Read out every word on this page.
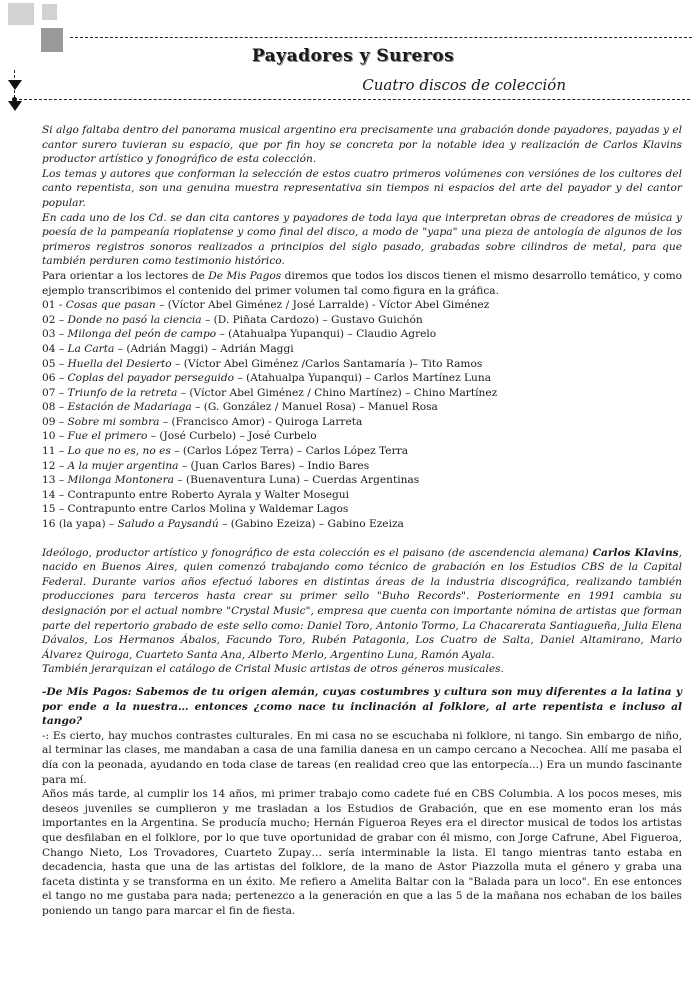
Payadores y Sureros
Cuatro discos de colección

Si algo faltaba dentro del panorama musical argentino era precisamente una grabación donde payadores, payadas y el cantor surero tuvieran su espacio, que por fin hoy se concreta por la notable idea y realización de Carlos Klavins productor artístico y fonográfico de esta colección.

Los temas y autores que conforman la selección de estos cuatro primeros volúmenes con versiónes de los cultores del canto repentista, son una genuina muestra representativa sin tiempos ni espacios del arte del payador y del cantor popular.

En cada uno de los Cd. se dan cita cantores y payadores de toda laya que interpretan obras de creadores de música y poesía de la pampeanía rioplatense y como final del disco, a modo de "yapa" una pieza de antología de algunos de los primeros registros sonoros realizados a principios del siglo pasado, grabadas sobre cilindros de metal, para que también perduren como testimonio histórico.

Para orientar a los lectores de De Mis Pagos diremos que todos los discos tienen el mismo desarrollo temático, y como ejemplo transcribimos el contenido del primer volumen tal como figura en la gráfica.

01 - Cosas que pasan – (Víctor Abel Giménez / José Larralde) - Víctor Abel Giménez
02 – Donde no pasó la ciencia – (D. Piñata Cardozo) – Gustavo Guichón
03 – Milonga del peón de campo – (Atahualpa Yupanqui) – Claudio Agrelo
04 – La Carta – (Adrián Maggi) – Adrián Maggi
05 – Huella del Desierto – (Víctor Abel Giménez /Carlos Santamaría )– Tito Ramos
06 – Coplas del payador perseguido – (Atahualpa Yupanqui) – Carlos Martínez Luna
07 – Triunfo de la retreta – (Víctor Abel Giménez / Chino Martínez) – Chino Martínez
08 – Estación de Madariaga – (G. González / Manuel Rosa) – Manuel Rosa
09 – Sobre mi sombra – (Francisco Amor) - Quiroga Larreta
10 – Fue el primero – (José Curbelo) – José Curbelo
11 – Lo que no es, no es – (Carlos López Terra) – Carlos López Terra
12 – A la mujer argentina – (Juan Carlos Bares) – Indio Bares
13 – Milonga Montonera – (Buenaventura Luna) – Cuerdas Argentinas
14 – Contrapunto entre Roberto Ayrala y Walter Mosegui
15 – Contrapunto entre Carlos Molina y Waldemar Lagos
16 (la yapa) – Saludo a Paysandú – (Gabino Ezeiza) – Gabino Ezeiza

Ideólogo, productor artístico y fonográfico de esta colección es el paisano (de ascendencia alemana) Carlos Klavins, nacido en Buenos Aires, quien comenzó trabajando como técnico de grabación en los Estudios CBS de la Capital Federal. Durante varios años efectuó labores en distintas áreas de la industria discográfica, realizando también producciones para terceros hasta crear su primer sello "Buho Records". Posteriormente en 1991 cambia su designación por el actual nombre "Crystal Music", empresa que cuenta con importante nómina de artistas que forman parte del repertorio grabado de este sello como: Daniel Toro, Antonio Tormo, La Chacarerata Santiagueña, Julia Elena Dávalos, Los Hermanos Ábalos, Facundo Toro, Rubén Patagonia, Los Cuatro de Salta, Daniel Altamirano, Mario Álvarez Quiroga, Cuarteto Santa Ana, Alberto Merlo, Argentino Luna, Ramón Ayala.

También jerarquizan el catálogo de Cristal Music artistas de otros géneros musicales.

-De Mis Pagos: Sabemos de tu origen alemán, cuyas costumbres y cultura son muy diferentes a la latina y por ende a la nuestra… entonces ¿como nace tu inclinación al folklore, al arte repentista e incluso al tango?

-: Es cierto, hay muchos contrastes culturales. En mi casa no se escuchaba ni folklore, ni tango. Sin embargo de niño, al terminar las clases, me mandaban a casa de una familia danesa en un campo cercano a Necochea. Allí me pasaba el día con la peonada, ayudando en toda clase de tareas (en realidad creo que las entorpecía...) Era un mundo fascinante para mí.

Años más tarde, al cumplir los 14 años, mi primer trabajo como cadete fué en CBS Columbia. A los pocos meses, mis deseos juveniles se cumplieron y me trasladan a los Estudios de Grabación, que en ese momento eran los más importantes en la Argentina. Se producía mucho; Hernán Figueroa Reyes era el director musical de todos los artistas que desfilaban en el folklore, por lo que tuve oportunidad de grabar con él mismo, con Jorge Cafrune, Abel Figueroa, Chango Nieto, Los Trovadores, Cuarteto Zupay… sería interminable la lista. El tango mientras tanto estaba en decadencia, hasta que una de las artistas del folklore, de la mano de Astor Piazzolla muta el género y graba una faceta distinta y se transforma en un éxito. Me refiero a Amelita Baltar con la "Balada para un loco". En ese entonces el tango no me gustaba para nada; pertenezco a la generación en que a las 5 de la mañana nos echaban de los bailes poniendo un tango para marcar el fin de fiesta.
